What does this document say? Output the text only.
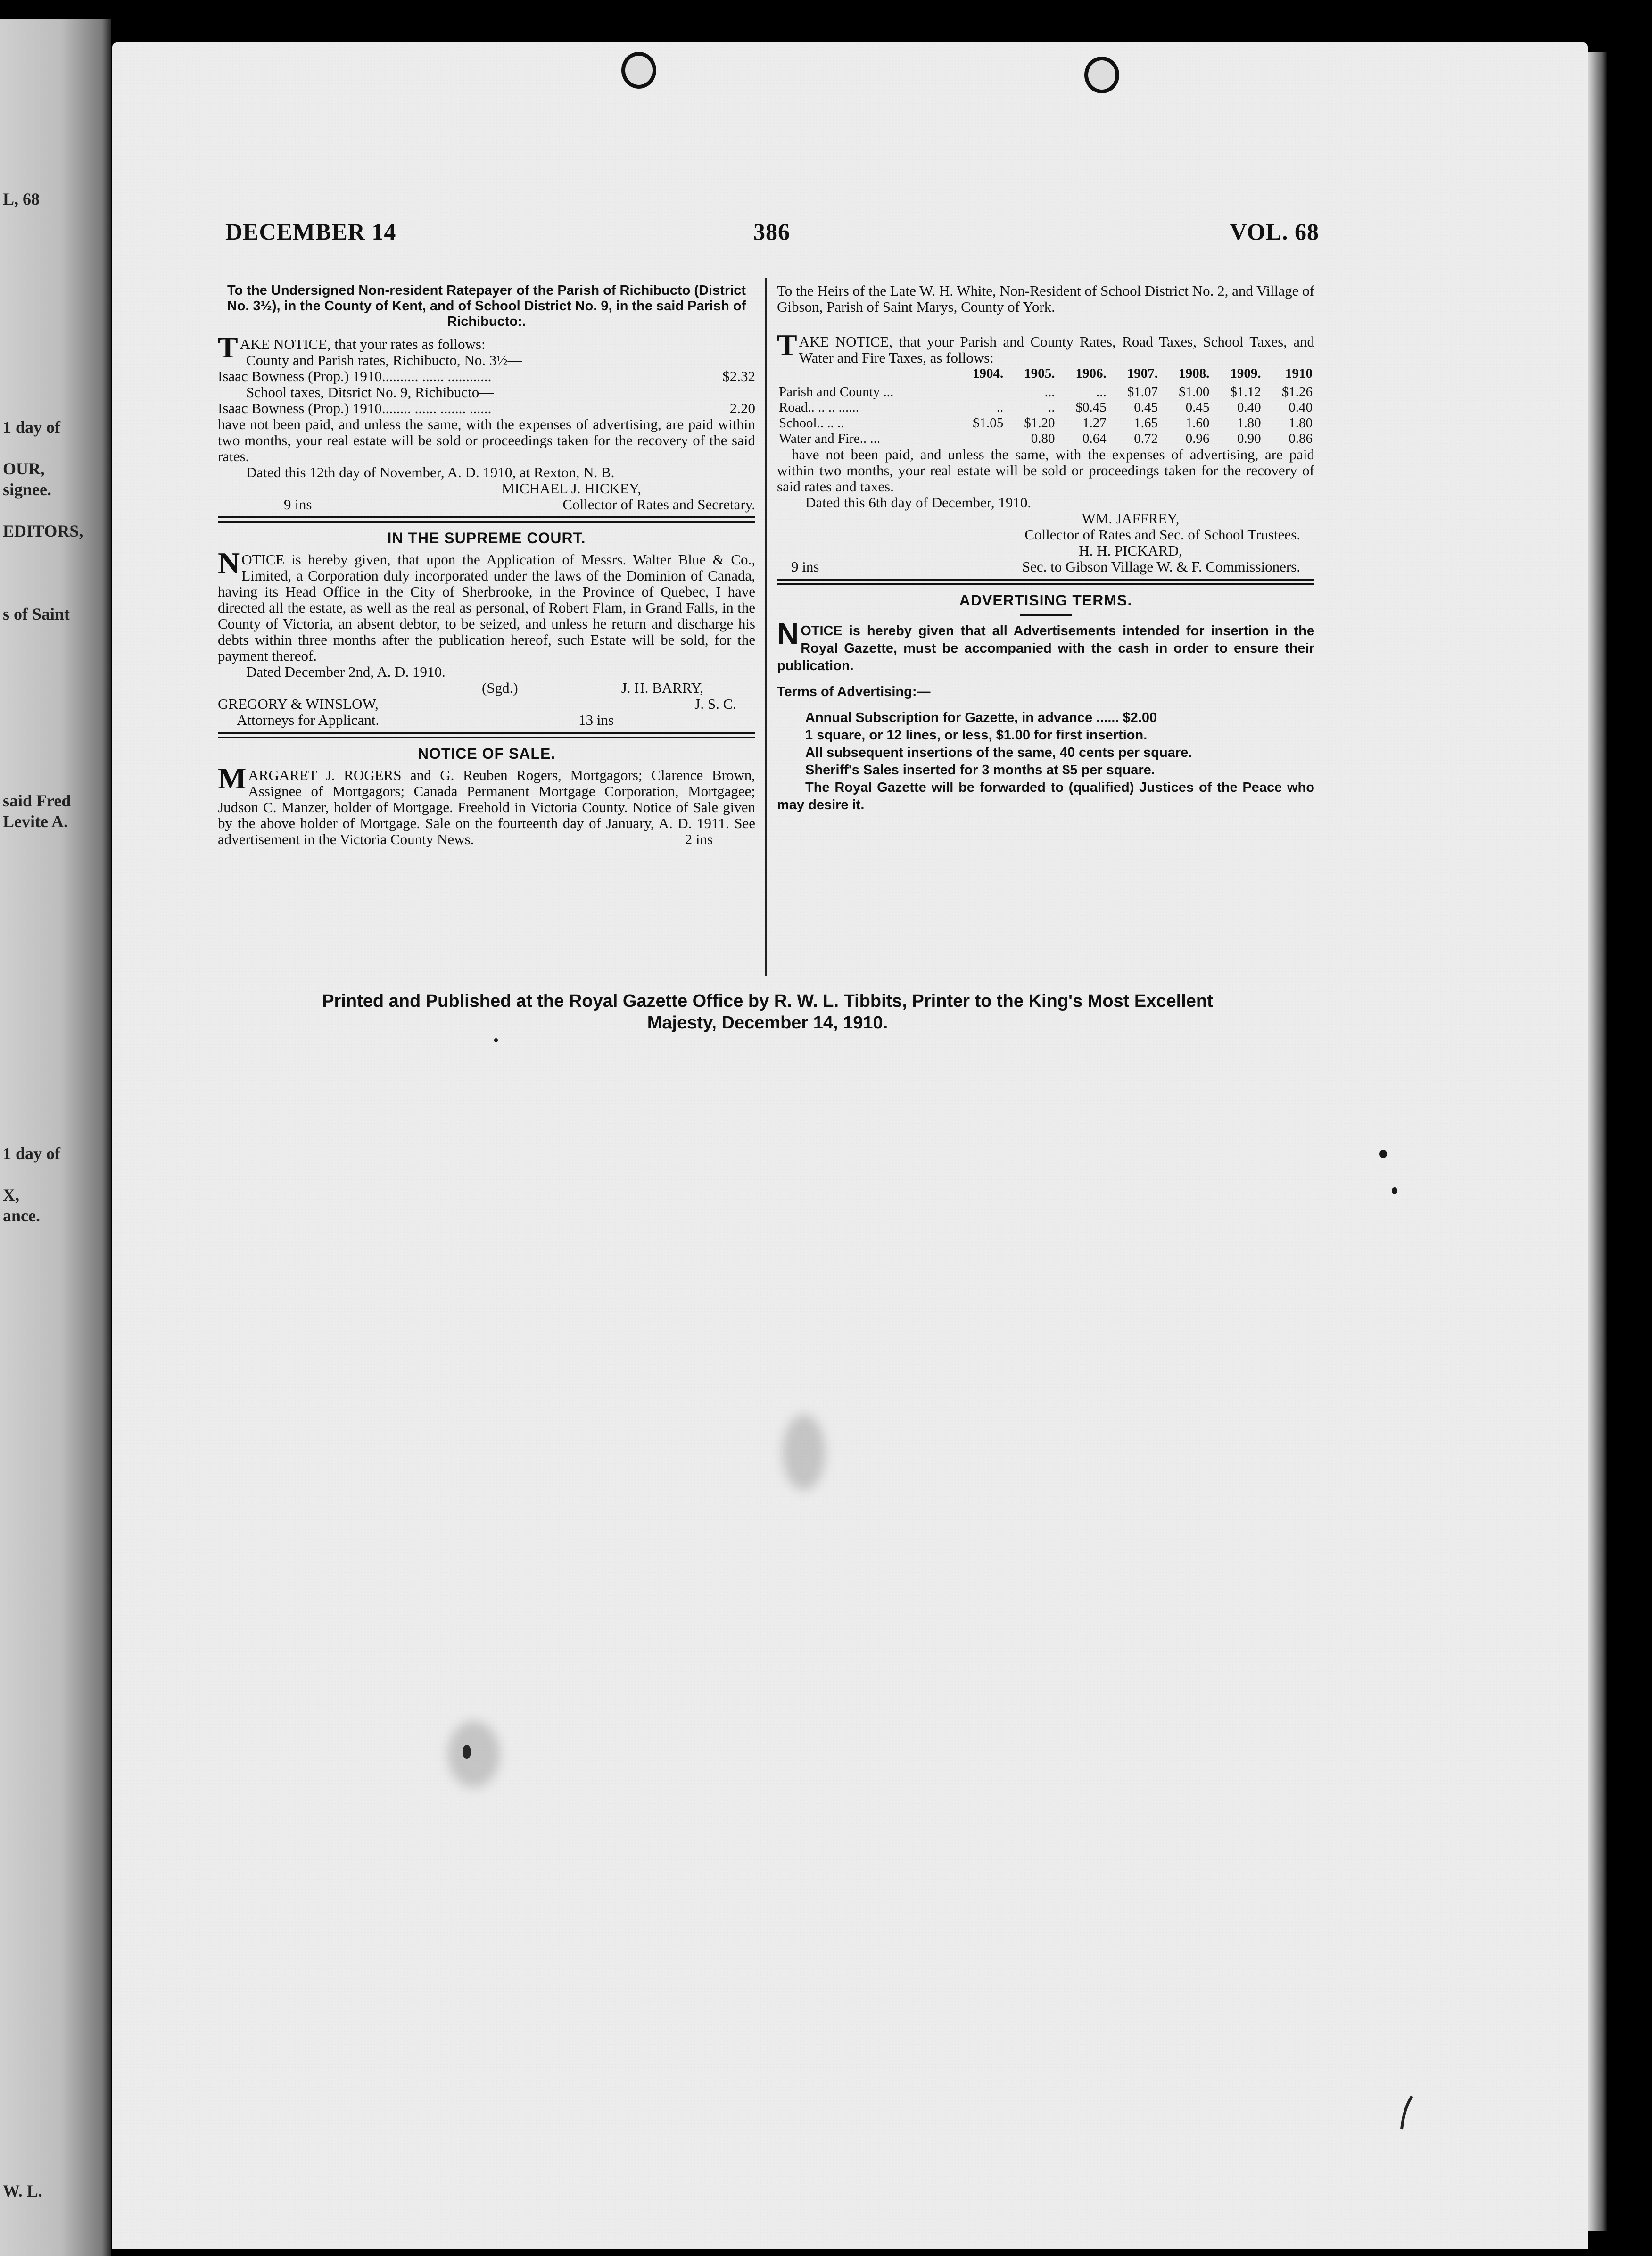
L, 68
1 day of
OUR,
signee.
EDITORS,
s of Saint
said Fred
Levite A.
1 day of
X,
ance.
W. L.
DECEMBER 14	386	VOL. 68
To the Undersigned Non-resident Ratepayer of the Parish of Richibucto (District No. 3½), in the County of Kent, and of School District No. 9, in the said Parish of Richibucto:.

TAKE NOTICE, that your rates as follows:

County and Parish rates, Richibucto, No. 3½—

Isaac Bowness (Prop.) 1910.......... ...... ............	$2.32

School taxes, Ditsrict No. 9, Richibucto—

Isaac Bowness (Prop.) 1910........ ...... ....... ......	2.20

have not been paid, and unless the same, with the expenses of advertising, are paid within two months, your real estate will be sold or proceedings taken for the recovery of the said rates.

Dated this 12th day of November, A. D. 1910, at Rexton, N. B.

MICHAEL J. HICKEY,
9 ins	Collector of Rates and Secretary.
IN THE SUPREME COURT.

NOTICE is hereby given, that upon the Application of Messrs. Walter Blue & Co., Limited, a Corporation duly incorporated under the laws of the Dominion of Canada, having its Head Office in the City of Sherbrooke, in the Province of Quebec, I have directed all the estate, as well as the real as personal, of Robert Flam, in Grand Falls, in the County of Victoria, an absent debtor, to be seized, and unless he return and discharge his debts within three months after the publication hereof, such Estate will be sold, for the payment thereof.

Dated December 2nd, A. D. 1910.

(Sgd.)	J. H. BARRY,
GREGORY & WINSLOW,	J. S. C.
Attorneys for Applicant.	13 ins
NOTICE OF SALE.

MARGARET J. ROGERS and G. Reuben Rogers, Mortgagors; Clarence Brown, Assignee of Mortgagors; Canada Permanent Mortgage Corporation, Mortgagee; Judson C. Manzer, holder of Mortgage. Freehold in Victoria County. Notice of Sale given by the above holder of Mortgage. Sale on the fourteenth day of January, A. D. 1911. See advertisement in the Victoria County News.	2 ins

To the Heirs of the Late W. H. White, Non-Resident of School District No. 2, and Village of Gibson, Parish of Saint Marys, County of York.

TAKE NOTICE, that your Parish and County Rates, Road Taxes, School Taxes, and Water and Fire Taxes, as follows:

	1904.	1905.	1906.	1907.	1908.	1909.	1910
Parish and County ...		...	...	$1.07	$1.00	$1.12	$1.26
Road.. .. .. ......	..	..	$0.45	0.45	0.45	0.40	0.40
School.. .. ..	$1.05	$1.20	1.27	1.65	1.60	1.80	1.80
Water and Fire.. ...		0.80	0.64	0.72	0.96	0.90	0.86

—have not been paid, and unless the same, with the expenses of advertising, are paid within two months, your real estate will be sold or proceedings taken for the recovery of said rates and taxes.

Dated this 6th day of December, 1910.

WM. JAFFREY,
Collector of Rates and Sec. of School Trustees.
H. H. PICKARD,
9 ins	Sec. to Gibson Village W. & F. Commissioners.
ADVERTISING TERMS.

NOTICE is hereby given that all Advertisements intended for insertion in the Royal Gazette, must be accompanied with the cash in order to ensure their publication.

Terms of Advertising:—
Annual Subscription for Gazette, in advance ...... $2.00
1 square, or 12 lines, or less, $1.00 for first insertion.
All subsequent insertions of the same, 40 cents per square.
Sheriff's Sales inserted for 3 months at $5 per square.

The Royal Gazette will be forwarded to (qualified) Justices of the Peace who may desire it.

Printed and Published at the Royal Gazette Office by R. W. L. Tibbits, Printer to the King's Most Excellent
Majesty, December 14, 1910.
